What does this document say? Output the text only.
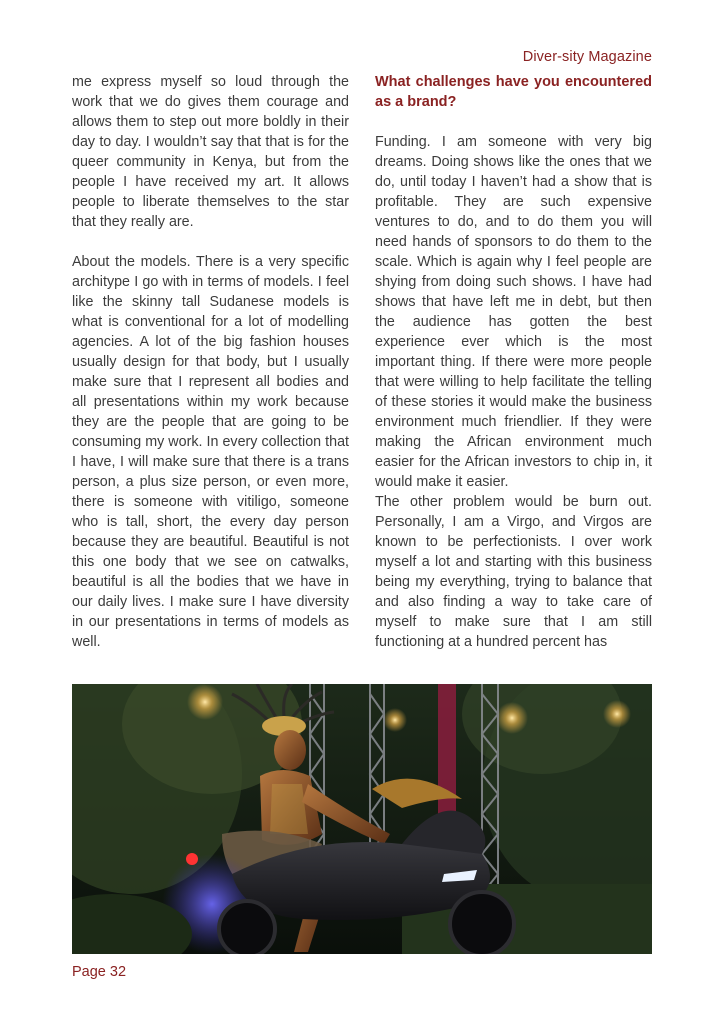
Diver-sity Magazine

me express myself so loud through the work that we do gives them courage and allows them to step out more boldly in their day to day. I wouldn’t say that that is for the queer community in Kenya, but from the people I have received my art. It allows people to liberate themselves to the star that they really are.

About the models. There is a very specific architype I go with in terms of models. I feel like the skinny tall Sudanese models is what is conventional for a lot of modelling agencies. A lot of the big fashion houses usually design for that body, but I usually make sure that I represent all bodies and all presentations within my work because they are the people that are going to be consuming my work. In every collection that I have, I will make sure that there is a trans person, a plus size person, or even more, there is someone with vitiligo, someone who is tall, short, the every day person because they are beautiful. Beautiful is not this one body that we see on catwalks, beautiful is all the bodies that we have in our daily lives. I make sure I have diversity in our presentations in terms of models as well.

What challenges have you encountered as a brand?

Funding. I am someone with very big dreams. Doing shows like the ones that we do, until today I haven’t had a show that is profitable. They are such expensive ventures to do, and to do them you will need hands of sponsors to do them to the scale. Which is again why I feel people are shying from doing such shows. I have had shows that have left me in debt, but then the audience has gotten the best experience ever which is the most important thing. If there were more people that were willing to help facilitate the telling of these stories it would make the business environment much friendlier. If they were making the African environment much easier for the African investors to chip in, it would make it easier.

The other problem would be burn out. Personally, I am a Virgo, and Virgos are known to be perfectionists. I over work myself a lot and starting with this business being my everything, trying to balance that and also finding a way to take care of myself to make sure that I am still functioning at a hundred percent has

Page 32
